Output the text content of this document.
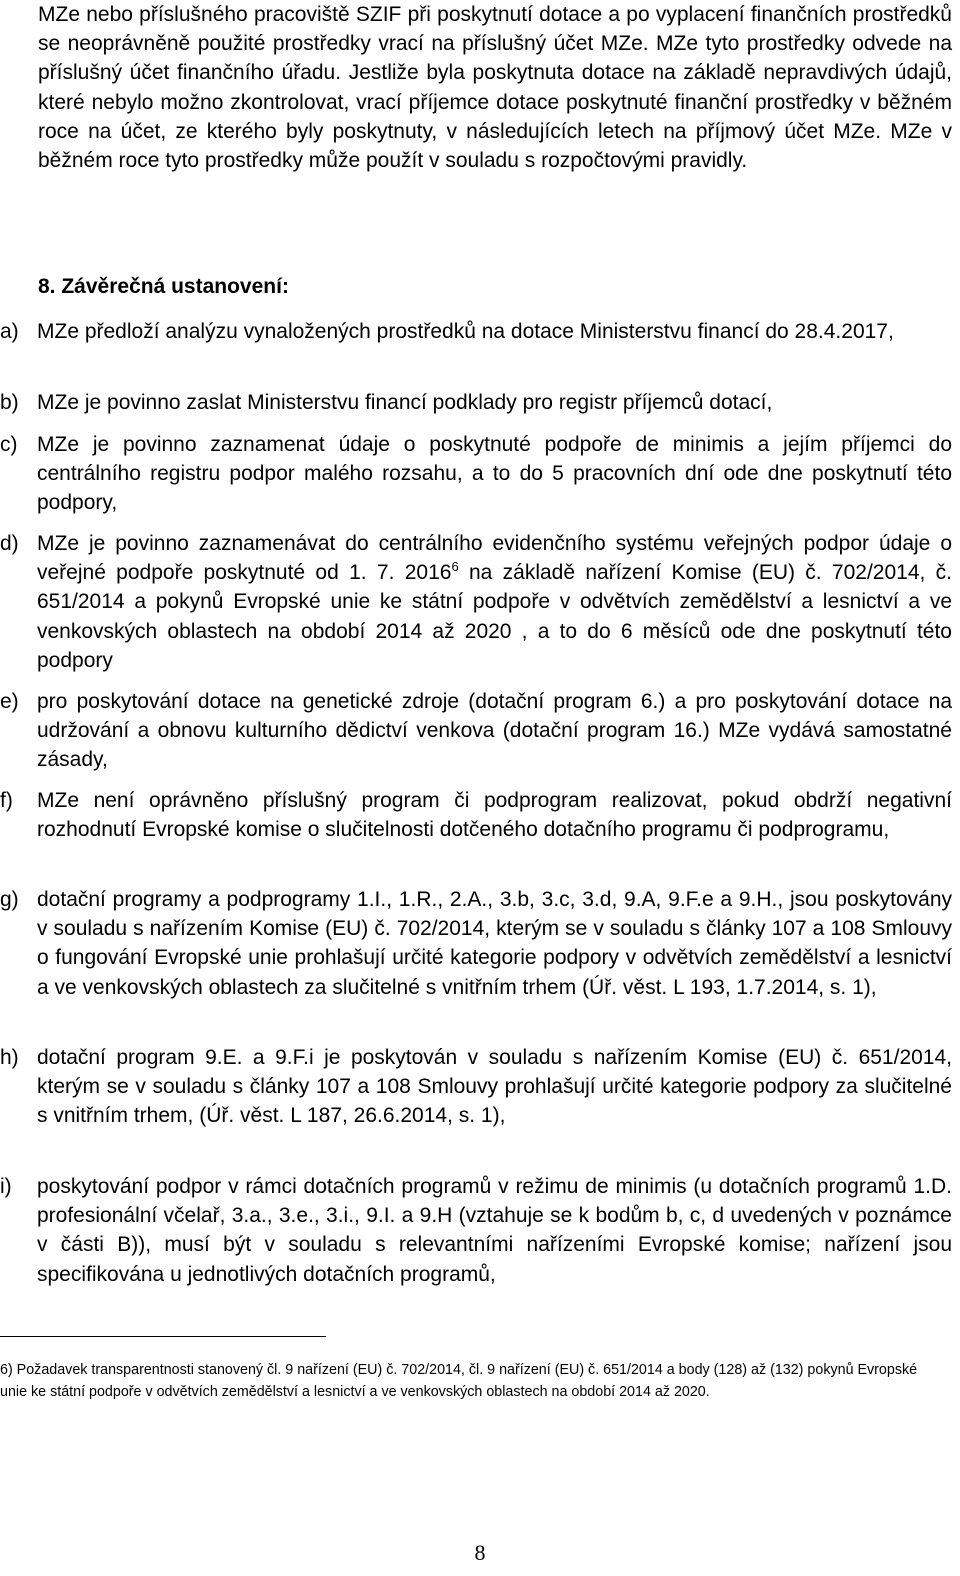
MZe nebo příslušného pracoviště SZIF při poskytnutí dotace a po vyplacení finančních prostředků se neoprávněně použité prostředky vrací na příslušný účet MZe. MZe tyto prostředky odvede na příslušný účet finančního úřadu. Jestliže byla poskytnuta dotace na základě nepravdivých údajů, které nebylo možno zkontrolovat, vrací příjemce dotace poskytnuté finanční prostředky v běžném roce na účet, ze kterého byly poskytnuty, v následujících letech na příjmový účet MZe. MZe v běžném roce tyto prostředky může použít v souladu s rozpočtovými pravidly.

8. Závěrečná ustanovení:
a) MZe předloží analýzu vynaložených prostředků na dotace Ministerstvu financí do 28.4.2017,
b) MZe je povinno zaslat Ministerstvu financí podklady pro registr příjemců dotací,
c) MZe je povinno zaznamenat údaje o poskytnuté podpoře de minimis a jejím příjemci do centrálního registru podpor malého rozsahu, a to do 5 pracovních dní ode dne poskytnutí této podpory,
d) MZe je povinno zaznamenávat do centrálního evidenčního systému veřejných podpor údaje o veřejné podpoře poskytnuté od 1. 7. 2016$^6$ na základě nařízení Komise (EU) č. 702/2014, č. 651/2014 a pokynů Evropské unie ke státní podpoře v odvětvích zemědělství a lesnictví a ve venkovských oblastech na období 2014 až 2020 , a to do 6 měsíců ode dne poskytnutí této podpory
e) pro poskytování dotace na genetické zdroje (dotační program 6.) a pro poskytování dotace na udržování a obnovu kulturního dědictví venkova (dotační program 16.) MZe vydává samostatné zásady,
f) MZe není oprávněno příslušný program či podprogram realizovat, pokud obdrží negativní rozhodnutí Evropské komise o slučitelnosti dotčeného dotačního programu či podprogramu,
g) dotační programy a podprogramy 1.I., 1.R., 2.A., 3.b, 3.c, 3.d, 9.A, 9.F.e a 9.H., jsou poskytovány v souladu s nařízením Komise (EU) č. 702/2014, kterým se v souladu s články 107 a 108 Smlouvy o fungování Evropské unie prohlašují určité kategorie podpory v odvětvích zemědělství a lesnictví a ve venkovských oblastech za slučitelné s vnitřním trhem (Úř. věst. L 193, 1.7.2014, s. 1),
h) dotační program 9.E. a 9.F.i je poskytován v souladu s nařízením Komise (EU) č. 651/2014, kterým se v souladu s články 107 a 108 Smlouvy prohlašují určité kategorie podpory za slučitelné s vnitřním trhem, (Úř. věst. L 187, 26.6.2014, s. 1),
i) poskytování podpor v rámci dotačních programů v režimu de minimis (u dotačních programů 1.D. profesionální včelař, 3.a., 3.e., 3.i., 9.I. a 9.H (vztahuje se k bodům b, c, d uvedených v poznámce v části B)), musí být v souladu s relevantními nařízeními Evropské komise; nařízení jsou specifikována u jednotlivých dotačních programů,
6) Požadavek transparentnosti stanovený čl. 9 nařízení (EU) č. 702/2014, čl. 9 nařízení (EU) č. 651/2014 a body (128) až (132) pokynů Evropské unie ke státní podpoře v odvětvích zemědělství a lesnictví a ve venkovských oblastech na období 2014 až 2020.
8
